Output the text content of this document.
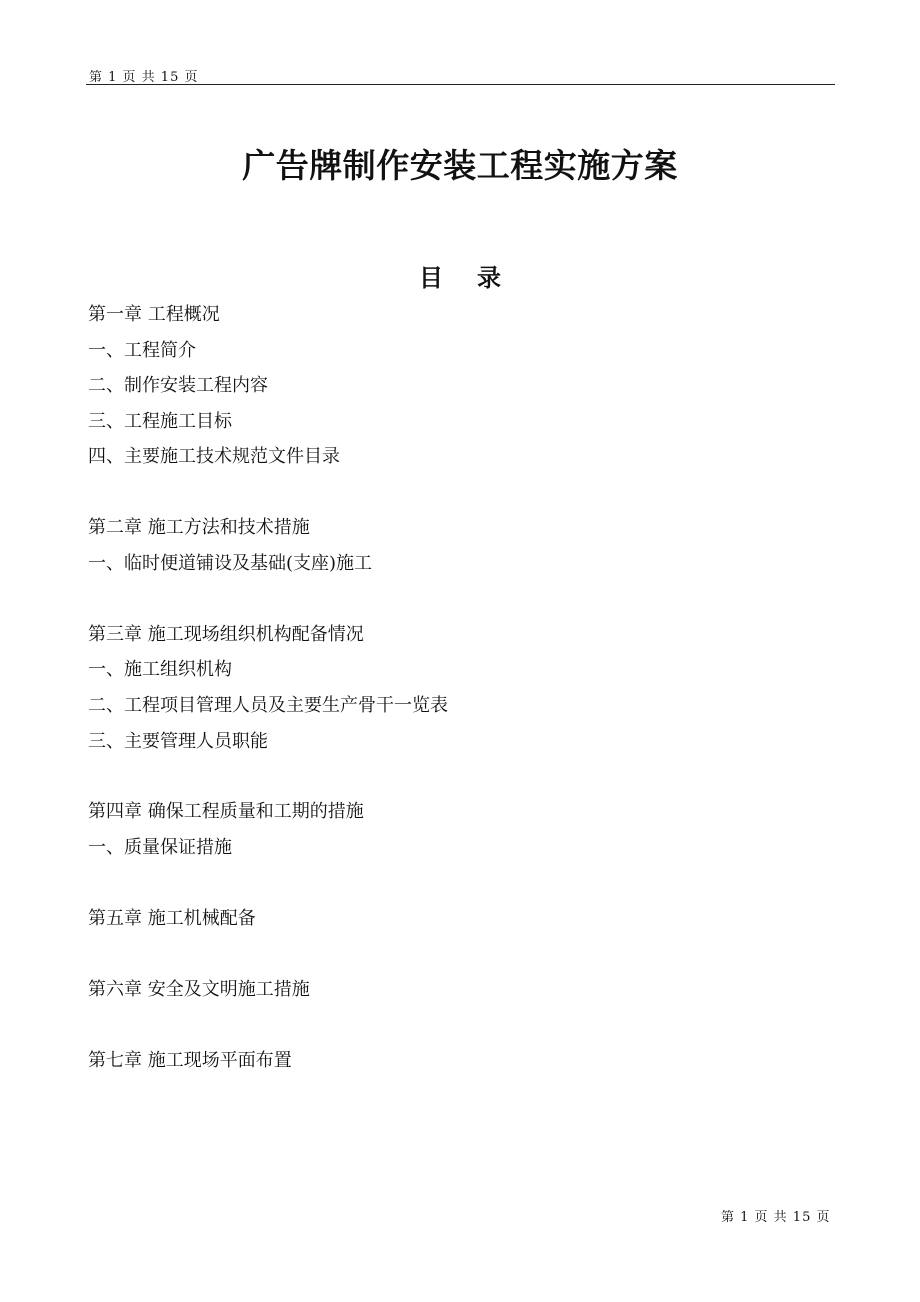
第 1 页 共 15 页
广告牌制作安装工程实施方案
目 录
第一章 工程概况
一、工程简介
二、制作安装工程内容
三、工程施工目标
四、主要施工技术规范文件目录
第二章 施工方法和技术措施
一、临时便道铺设及基础(支座)施工
第三章 施工现场组织机构配备情况
一、施工组织机构
二、工程项目管理人员及主要生产骨干一览表
三、主要管理人员职能
第四章 确保工程质量和工期的措施
一、质量保证措施
第五章 施工机械配备
第六章 安全及文明施工措施
第七章 施工现场平面布置
第 1 页 共 15 页
